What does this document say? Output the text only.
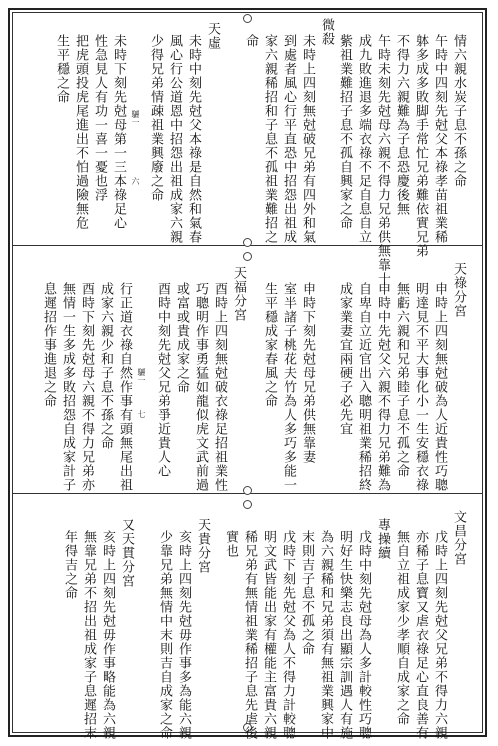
情六親水炭子息不孫之命
午時中四刻先尅父本祿孝苗祖業稀
躰多成多敗脚手常忙兄弟難依實兄弟
不得力六親難為子息恐慶後無
午時未刻先尅母六親不得力兄弟供無靠十
成九敗進退多端衣祿不足自息自立
紫祖業難招子息不孤自興家之命
微殺
未時上四刻無尅破兄弟有四外和氣
到處者風心行平直恐中招怨出祖成
家六親稀招和子息不孤祖業難招之
命
天虛
未時中刻先尅父本祿是自然和氣春
風心行公道恩中招怨出祖成家六親
少得兄弟情疎祖業興廢之命
未時下刻先尅母第一三本祿足心
性急見人有功一喜一憂也浮
把虎頭投虎尾進出不怕過險無危
生平穩之命
驪一
六
天祿分宮
申時上四刻無尅破為人近貴性巧聰
明達見不平大事化小一生安穩衣祿
無虧六親和兄弟睦子息不孤之命
申時中先尅父六親不得力兄弟難為
自卑自立近官出入聰明祖業稀招終
成家業妻宜兩硬子必先宜
申時下刻先尅母兄弟供無靠妻
室半諸子桃花夫竹為人多巧多能一
生平穩成家春風之命
天福分宮
酉時上四刻無尅破衣祿足招祖業性
巧聰明作事勇猛如龍似虎文武前過
或富或貴成家之命
酉時中刻先尅父兄弟爭近貴人心
行正道衣祿自然作事有頭無尾出祖
成家六親少和子息不孫之命
酉時下刻先尅母六親不得力兄弟亦
無情一生多成多敗招怨自成家計子
息遲招作事進退之命	驪一
七
文昌分宮
戊時上四刻先尅父兄弟不得力六親
亦稀子息寶又虐衣祿足心直良善有
無自立祖成家少孝順自成家之命
專操續
戊時中刻先尅母為人多計較性巧聰
明好生快樂志良出顯宗訓遇人有施
為六親稀和兄弟須有無祖業興家中
末則吉子息不孤之命
戊時下刻先尅父為人不得力計較聰
明文武皆能出家有權能主富貴六親
稀兄弟有無情祖業稀招子息先虐後
實也
天貴分宮
亥時上四刻先尅毋作事多為能六親
少靠兄弟無情中末則吉自成家之命
又天貫分宮
亥時上四刻先尅毋作事略能為六親
無靠兄弟不招出祖成家子息遲招末
年得吉之命
